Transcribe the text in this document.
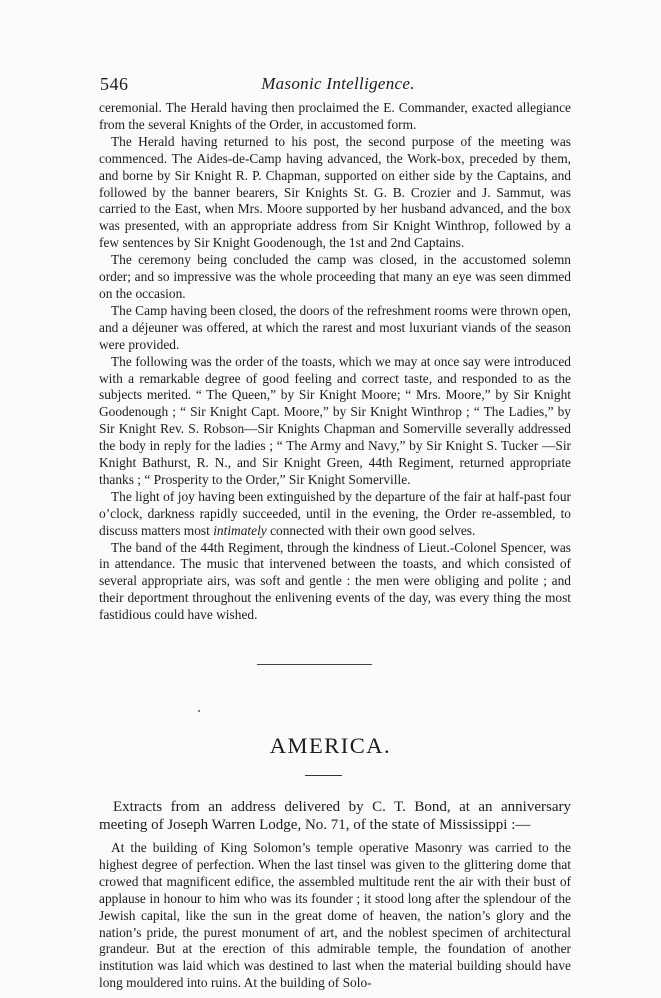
546	Masonic Intelligence.

ceremonial. The Herald having then proclaimed the E. Commander, exacted allegiance from the several Knights of the Order, in accustomed form.

The Herald having returned to his post, the second purpose of the meeting was commenced. The Aides-de-Camp having advanced, the Work-box, preceded by them, and borne by Sir Knight R. P. Chapman, supported on either side by the Captains, and followed by the banner bearers, Sir Knights St. G. B. Crozier and J. Sammut, was carried to the East, when Mrs. Moore supported by her husband advanced, and the box was presented, with an appropriate address from Sir Knight Winthrop, followed by a few sentences by Sir Knight Goodenough, the 1st and 2nd Captains.

The ceremony being concluded the camp was closed, in the accustomed solemn order; and so impressive was the whole proceeding that many an eye was seen dimmed on the occasion.

The Camp having been closed, the doors of the refreshment rooms were thrown open, and a déjeuner was offered, at which the rarest and most luxuriant viands of the season were provided.

The following was the order of the toasts, which we may at once say were introduced with a remarkable degree of good feeling and correct taste, and responded to as the subjects merited. “ The Queen,” by Sir Knight Moore; “ Mrs. Moore,” by Sir Knight Goodenough ; “ Sir Knight Capt. Moore,” by Sir Knight Winthrop ; “ The Ladies,” by Sir Knight Rev. S. Robson—Sir Knights Chapman and Somerville severally addressed the body in reply for the ladies ; “ The Army and Navy,” by Sir Knight S. Tucker —Sir Knight Bathurst, R. N., and Sir Knight Green, 44th Regiment, returned appropriate thanks ; “ Prosperity to the Order,” Sir Knight Somerville.

The light of joy having been extinguished by the departure of the fair at half-past four o’clock, darkness rapidly succeeded, until in the evening, the Order re-assembled, to discuss matters most intimately connected with their own good selves.

The band of the 44th Regiment, through the kindness of Lieut.-Colonel Spencer, was in attendance. The music that intervened between the toasts, and which consisted of several appropriate airs, was soft and gentle : the men were obliging and polite ; and their deportment throughout the enlivening events of the day, was every thing the most fastidious could have wished.

AMERICA.

Extracts from an address delivered by C. T. Bond, at an anniversary meeting of Joseph Warren Lodge, No. 71, of the state of Mississippi :—

At the building of King Solomon’s temple operative Masonry was carried to the highest degree of perfection. When the last tinsel was given to the glittering dome that crowed that magnificent edifice, the assembled multitude rent the air with their bust of applause in honour to him who was its founder ; it stood long after the splendour of the Jewish capital, like the sun in the great dome of heaven, the nation’s glory and the nation’s pride, the purest monument of art, and the noblest specimen of architectural grandeur. But at the erection of this admirable temple, the foundation of another institution was laid which was destined to last when the material building should have long mouldered into ruins. At the building of Solo-
